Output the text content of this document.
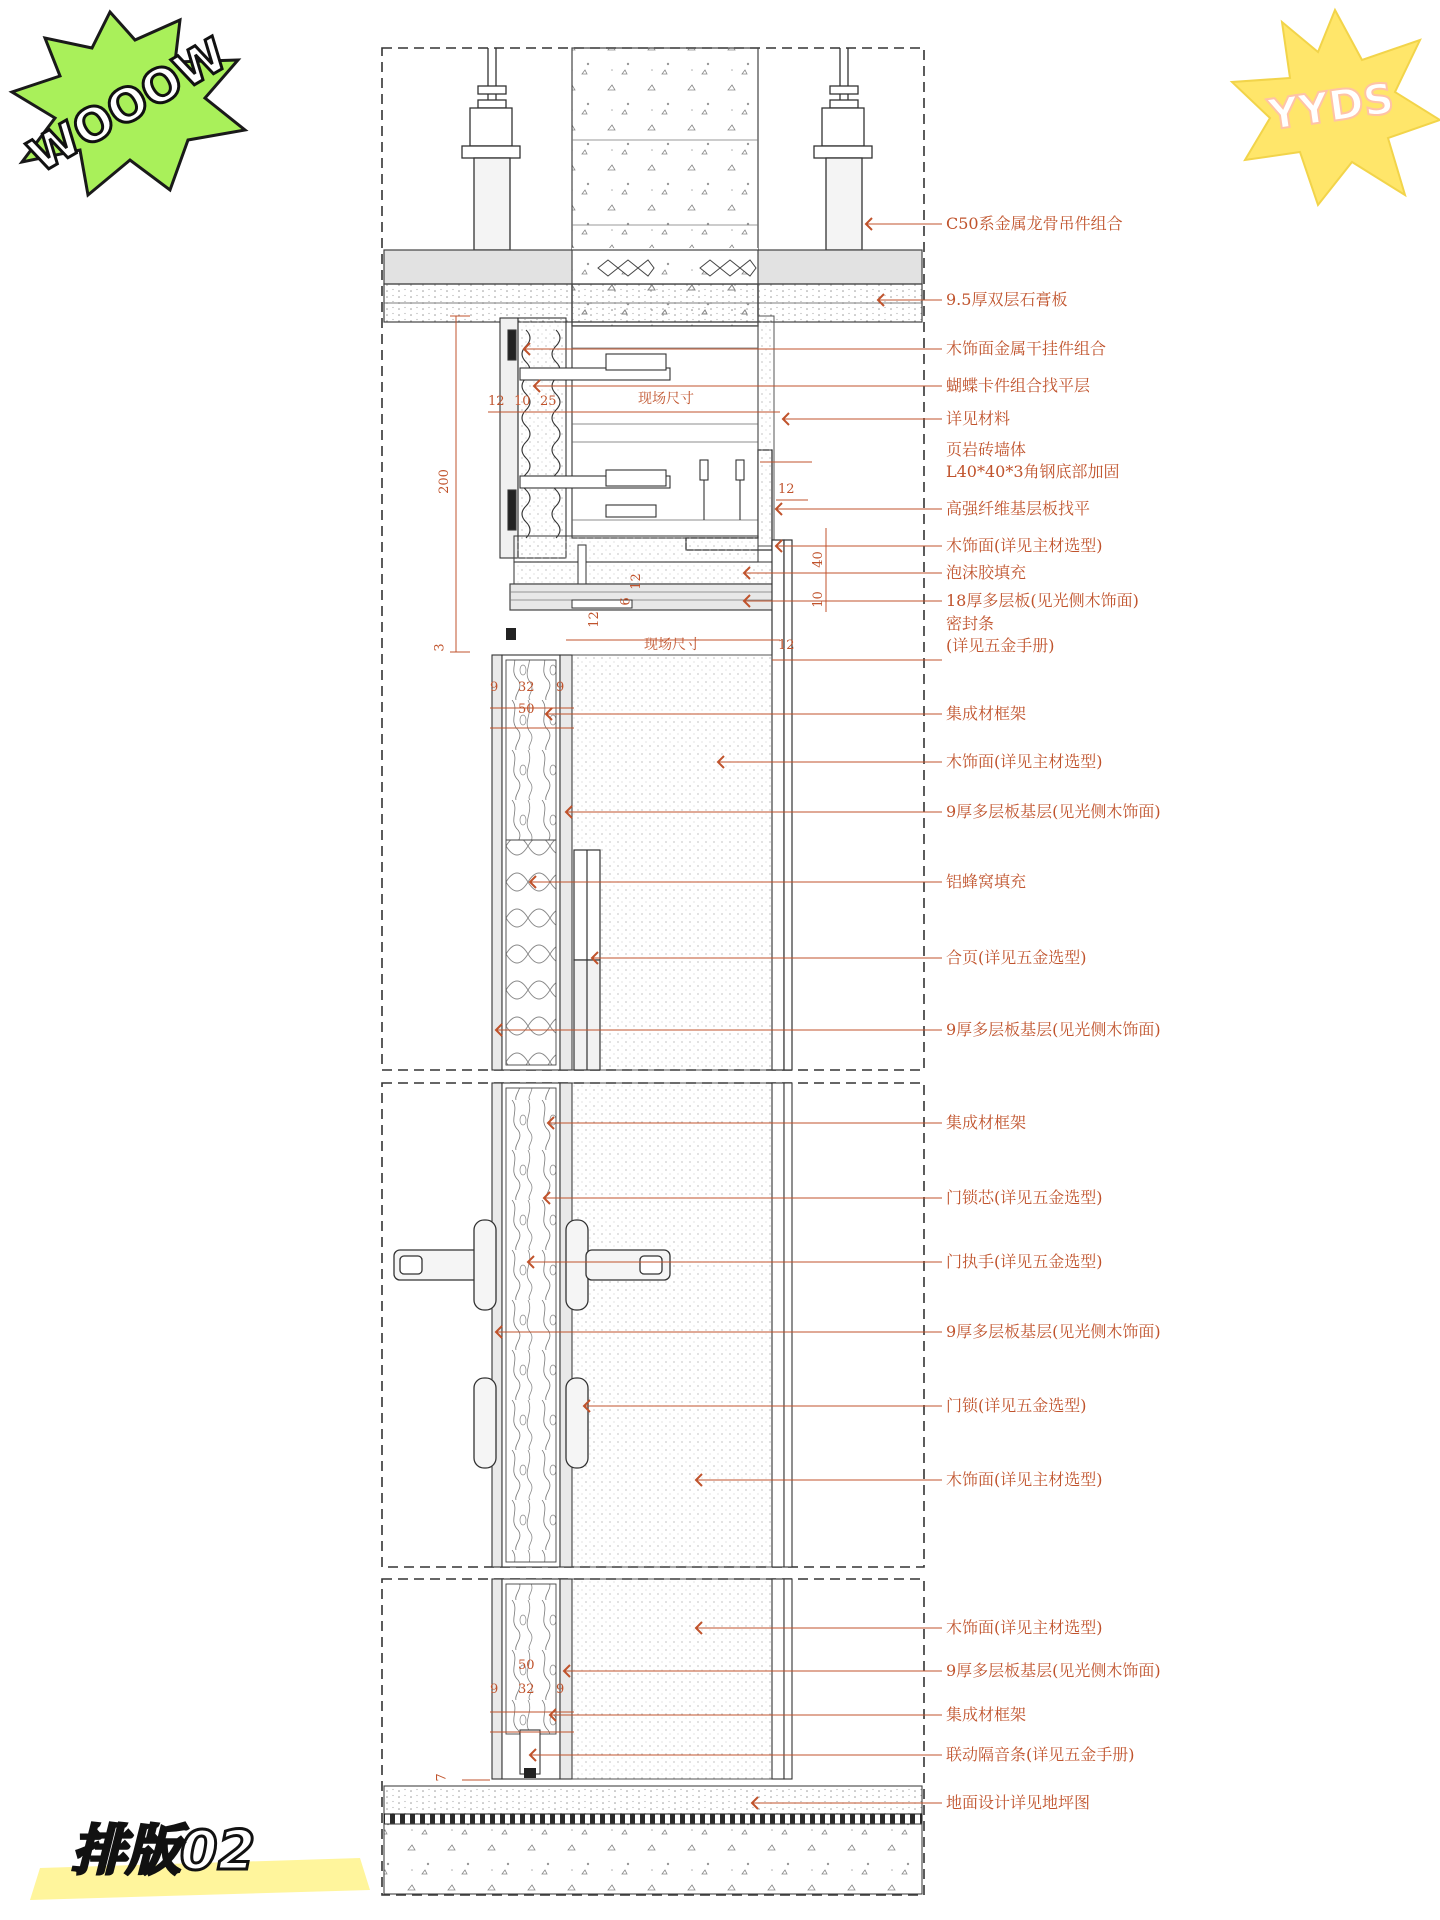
WOOOW	YYDS
排版02
C50系金属龙骨吊件组合
9.5厚双层石膏板
木饰面金属干挂件组合
蝴蝶卡件组合找平层
详见材料
页岩砖墙体
L40*40*3角钢底部加固
高强纤维基层板找平
木饰面(详见主材选型)
泡沫胶填充
18厚多层板(见光侧木饰面)
密封条
(详见五金手册)
集成材框架
木饰面(详见主材选型)
9厚多层板基层(见光侧木饰面)
铝蜂窝填充
合页(详见五金选型)
9厚多层板基层(见光侧木饰面)
集成材框架
门锁芯(详见五金选型)
门执手(详见五金选型)
9厚多层板基层(见光侧木饰面)
门锁(详见五金选型)
木饰面(详见主材选型)
木饰面(详见主材选型)
9厚多层板基层(见光侧木饰面)
集成材框架
联动隔音条(详见五金手册)
地面设计详见地坪图
200
12 10 25	现场尺寸
现场尺寸
12
40
10
12
6
12
3
9 32 9
50
50
9 32 9
7
12
